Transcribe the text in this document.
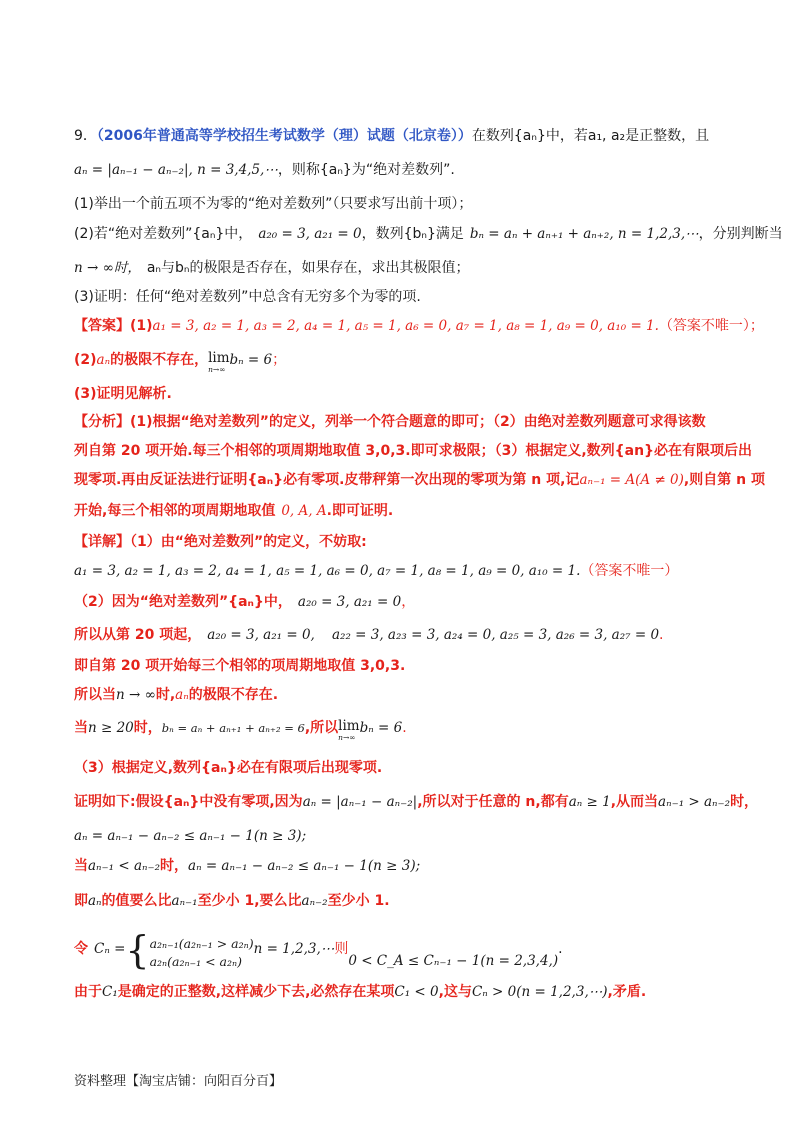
9．（2006年普通高等学校招生考试数学（理）试题（北京卷））在数列{aₙ}中，若a₁, a₂是正整数，且
aₙ = |aₙ₋₁ − aₙ₋₂|, n = 3,4,5,⋯，则称{aₙ}为“绝对差数列”.
(1)举出一个前五项不为零的“绝对差数列”（只要求写出前十项）；
(2)若“绝对差数列”{aₙ}中， a₂₀ = 3, a₂₁ = 0，数列{bₙ}满足 bₙ = aₙ + aₙ₊₁ + aₙ₊₂, n = 1,2,3,⋯，分别判断当
n → ∞时， aₙ与bₙ的极限是否存在，如果存在，求出其极限值；
(3)证明：任何“绝对差数列”中总含有无穷多个为零的项.
【答案】(1)a₁ = 3, a₂ = 1, a₃ = 2, a₄ = 1, a₅ = 1, a₆ = 0, a₇ = 1, a₈ = 1, a₉ = 0, a₁₀ = 1.（答案不唯一）；
(2)aₙ的极限不存在， lim
n→∞
bₙ = 6；
(3)证明见解析.
【分析】(1)根据“绝对差数列”的定义，列举一个符合题意的即可；（2）由绝对差数列题意可求得该数
列自第 20 项开始.每三个相邻的项周期地取值 3,0,3.即可求极限；（3）根据定义,数列{an}必在有限项后出
现零项.再由反证法进行证明{aₙ}必有零项.皮带秤第一次出现的零项为第 n 项,记aₙ₋₁ = A(A ≠ 0),则自第 n 项
开始,每三个相邻的项周期地取值 0, A, A.即可证明.
【详解】（1）由“绝对差数列”的定义，不妨取:
a₁ = 3, a₂ = 1, a₃ = 2, a₄ = 1, a₅ = 1, a₆ = 0, a₇ = 1, a₈ = 1, a₉ = 0, a₁₀ = 1.（答案不唯一）
（2）因为“绝对差数列”{aₙ}中， a₂₀ = 3, a₂₁ = 0，
所以从第 20 项起， a₂₀ = 3, a₂₁ = 0,    a₂₂ = 3, a₂₃ = 3, a₂₄ = 0, a₂₅ = 3, a₂₆ = 3, a₂₇ = 0.
即自第 20 项开始每三个相邻的项周期地取值 3,0,3.
所以当n → ∞时,aₙ的极限不存在.
当n ≥ 20时，bₙ = aₙ + aₙ₊₁ + aₙ₊₂ = 6,所以 lim
n→∞
bₙ = 6.
（3）根据定义,数列{aₙ}必在有限项后出现零项.
证明如下:假设{aₙ}中没有零项,因为aₙ = |aₙ₋₁ − aₙ₋₂|,所以对于任意的 n,都有aₙ ≥ 1,从而当aₙ₋₁ > aₙ₋₂时，
aₙ = aₙ₋₁ − aₙ₋₂ ≤ aₙ₋₁ − 1(n ≥ 3);
当aₙ₋₁ < aₙ₋₂时，aₙ = aₙ₋₁ − aₙ₋₂ ≤ aₙ₋₁ − 1(n ≥ 3);
即aₙ的值要么比aₙ₋₁至少小 1,要么比aₙ₋₂至少小 1.
令 Cₙ ={ a₂ₙ₋₁(a₂ₙ₋₁ > a₂ₙ)
a₂ₙ(a₂ₙ₋₁ < a₂ₙ)
n = 1,2,3,⋯则0 < C_A ≤ Cₙ₋₁ − 1(n = 2,3,4,).
由于C₁是确定的正整数,这样减少下去,必然存在某项C₁ < 0,这与Cₙ > 0(n = 1,2,3,⋯),矛盾.
资料整理【淘宝店铺：向阳百分百】
